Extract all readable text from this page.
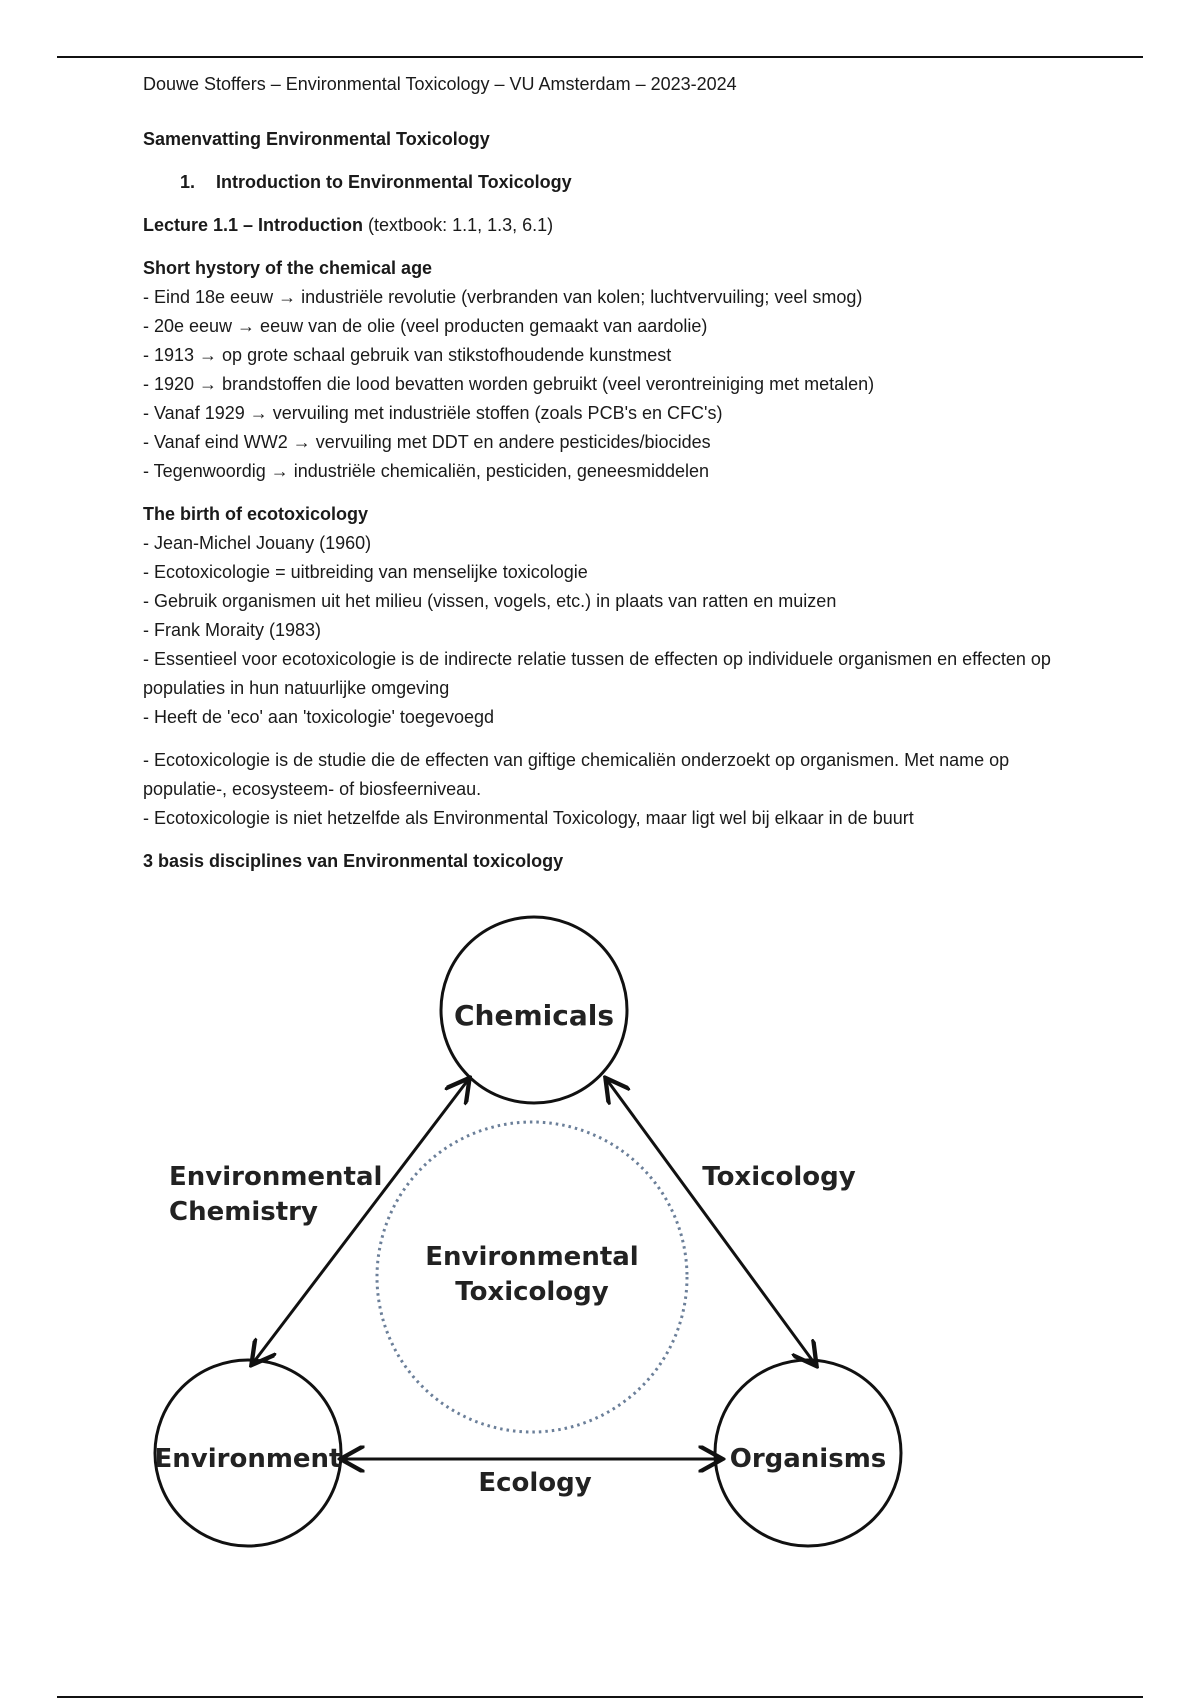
Douwe Stoffers – Environmental Toxicology – VU Amsterdam – 2023-2024
Samenvatting Environmental Toxicology
1. Introduction to Environmental Toxicology
Lecture 1.1 – Introduction (textbook: 1.1, 1.3, 6.1)
Short hystory of the chemical age
- Eind 18e eeuw → industriële revolutie (verbranden van kolen; luchtvervuiling; veel smog)
- 20e eeuw → eeuw van de olie (veel producten gemaakt van aardolie)
- 1913 → op grote schaal gebruik van stikstofhoudende kunstmest
- 1920 → brandstoffen die lood bevatten worden gebruikt (veel verontreiniging met metalen)
- Vanaf 1929 → vervuiling met industriële stoffen (zoals PCB's en CFC's)
- Vanaf eind WW2 → vervuiling met DDT en andere pesticides/biocides
- Tegenwoordig → industriële chemicaliën, pesticiden, geneesmiddelen
The birth of ecotoxicology
- Jean-Michel Jouany (1960)
- Ecotoxicologie = uitbreiding van menselijke toxicologie
- Gebruik organismen uit het milieu (vissen, vogels, etc.) in plaats van ratten en muizen
- Frank Moraity (1983)
- Essentieel voor ecotoxicologie is de indirecte relatie tussen de effecten op individuele organismen en effecten op populaties in hun natuurlijke omgeving
- Heeft de 'eco' aan 'toxicologie' toegevoegd

- Ecotoxicologie is de studie die de effecten van giftige chemicaliën onderzoekt op organismen. Met name op populatie-, ecosysteem- of biosfeerniveau.

- Ecotoxicologie is niet hetzelfde als Environmental Toxicology, maar ligt wel bij elkaar in de buurt

3 basis disciplines van Environmental toxicology
Chemicals
Environment	Organisms
Environmental
Toxicology
Environmental
Chemistry
Toxicology
Ecology
